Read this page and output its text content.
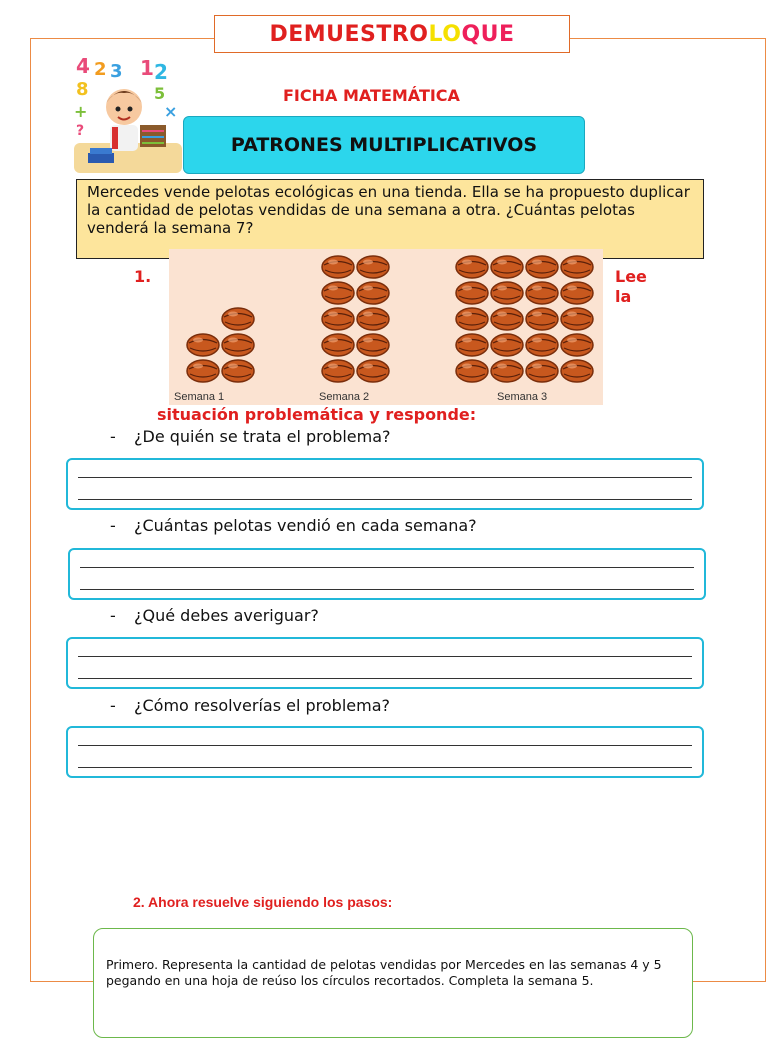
DEMUESTRO LO QUE
4 2 3 1 2
8	5
×
+
?
FICHA MATEMÁTICA
PATRONES MULTIPLICATIVOS
Mercedes vende pelotas ecológicas en una tienda. Ella se ha propuesto duplicar la cantidad de pelotas vendidas de una semana a otra. ¿Cuántas pelotas venderá la semana 7?
1.	Lee la
Semana 1	Semana 2	Semana 3
situación problemática y responde:
- ¿De quién se trata el problema?
- ¿Cuántas pelotas vendió en cada semana?
- ¿Qué debes averiguar?
- ¿Cómo resolverías el problema?
2. Ahora resuelve siguiendo los pasos:
Primero. Representa la cantidad de pelotas vendidas por Mercedes en las semanas 4 y 5 pegando en una hoja de reúso los círculos recortados. Completa la semana 5.
